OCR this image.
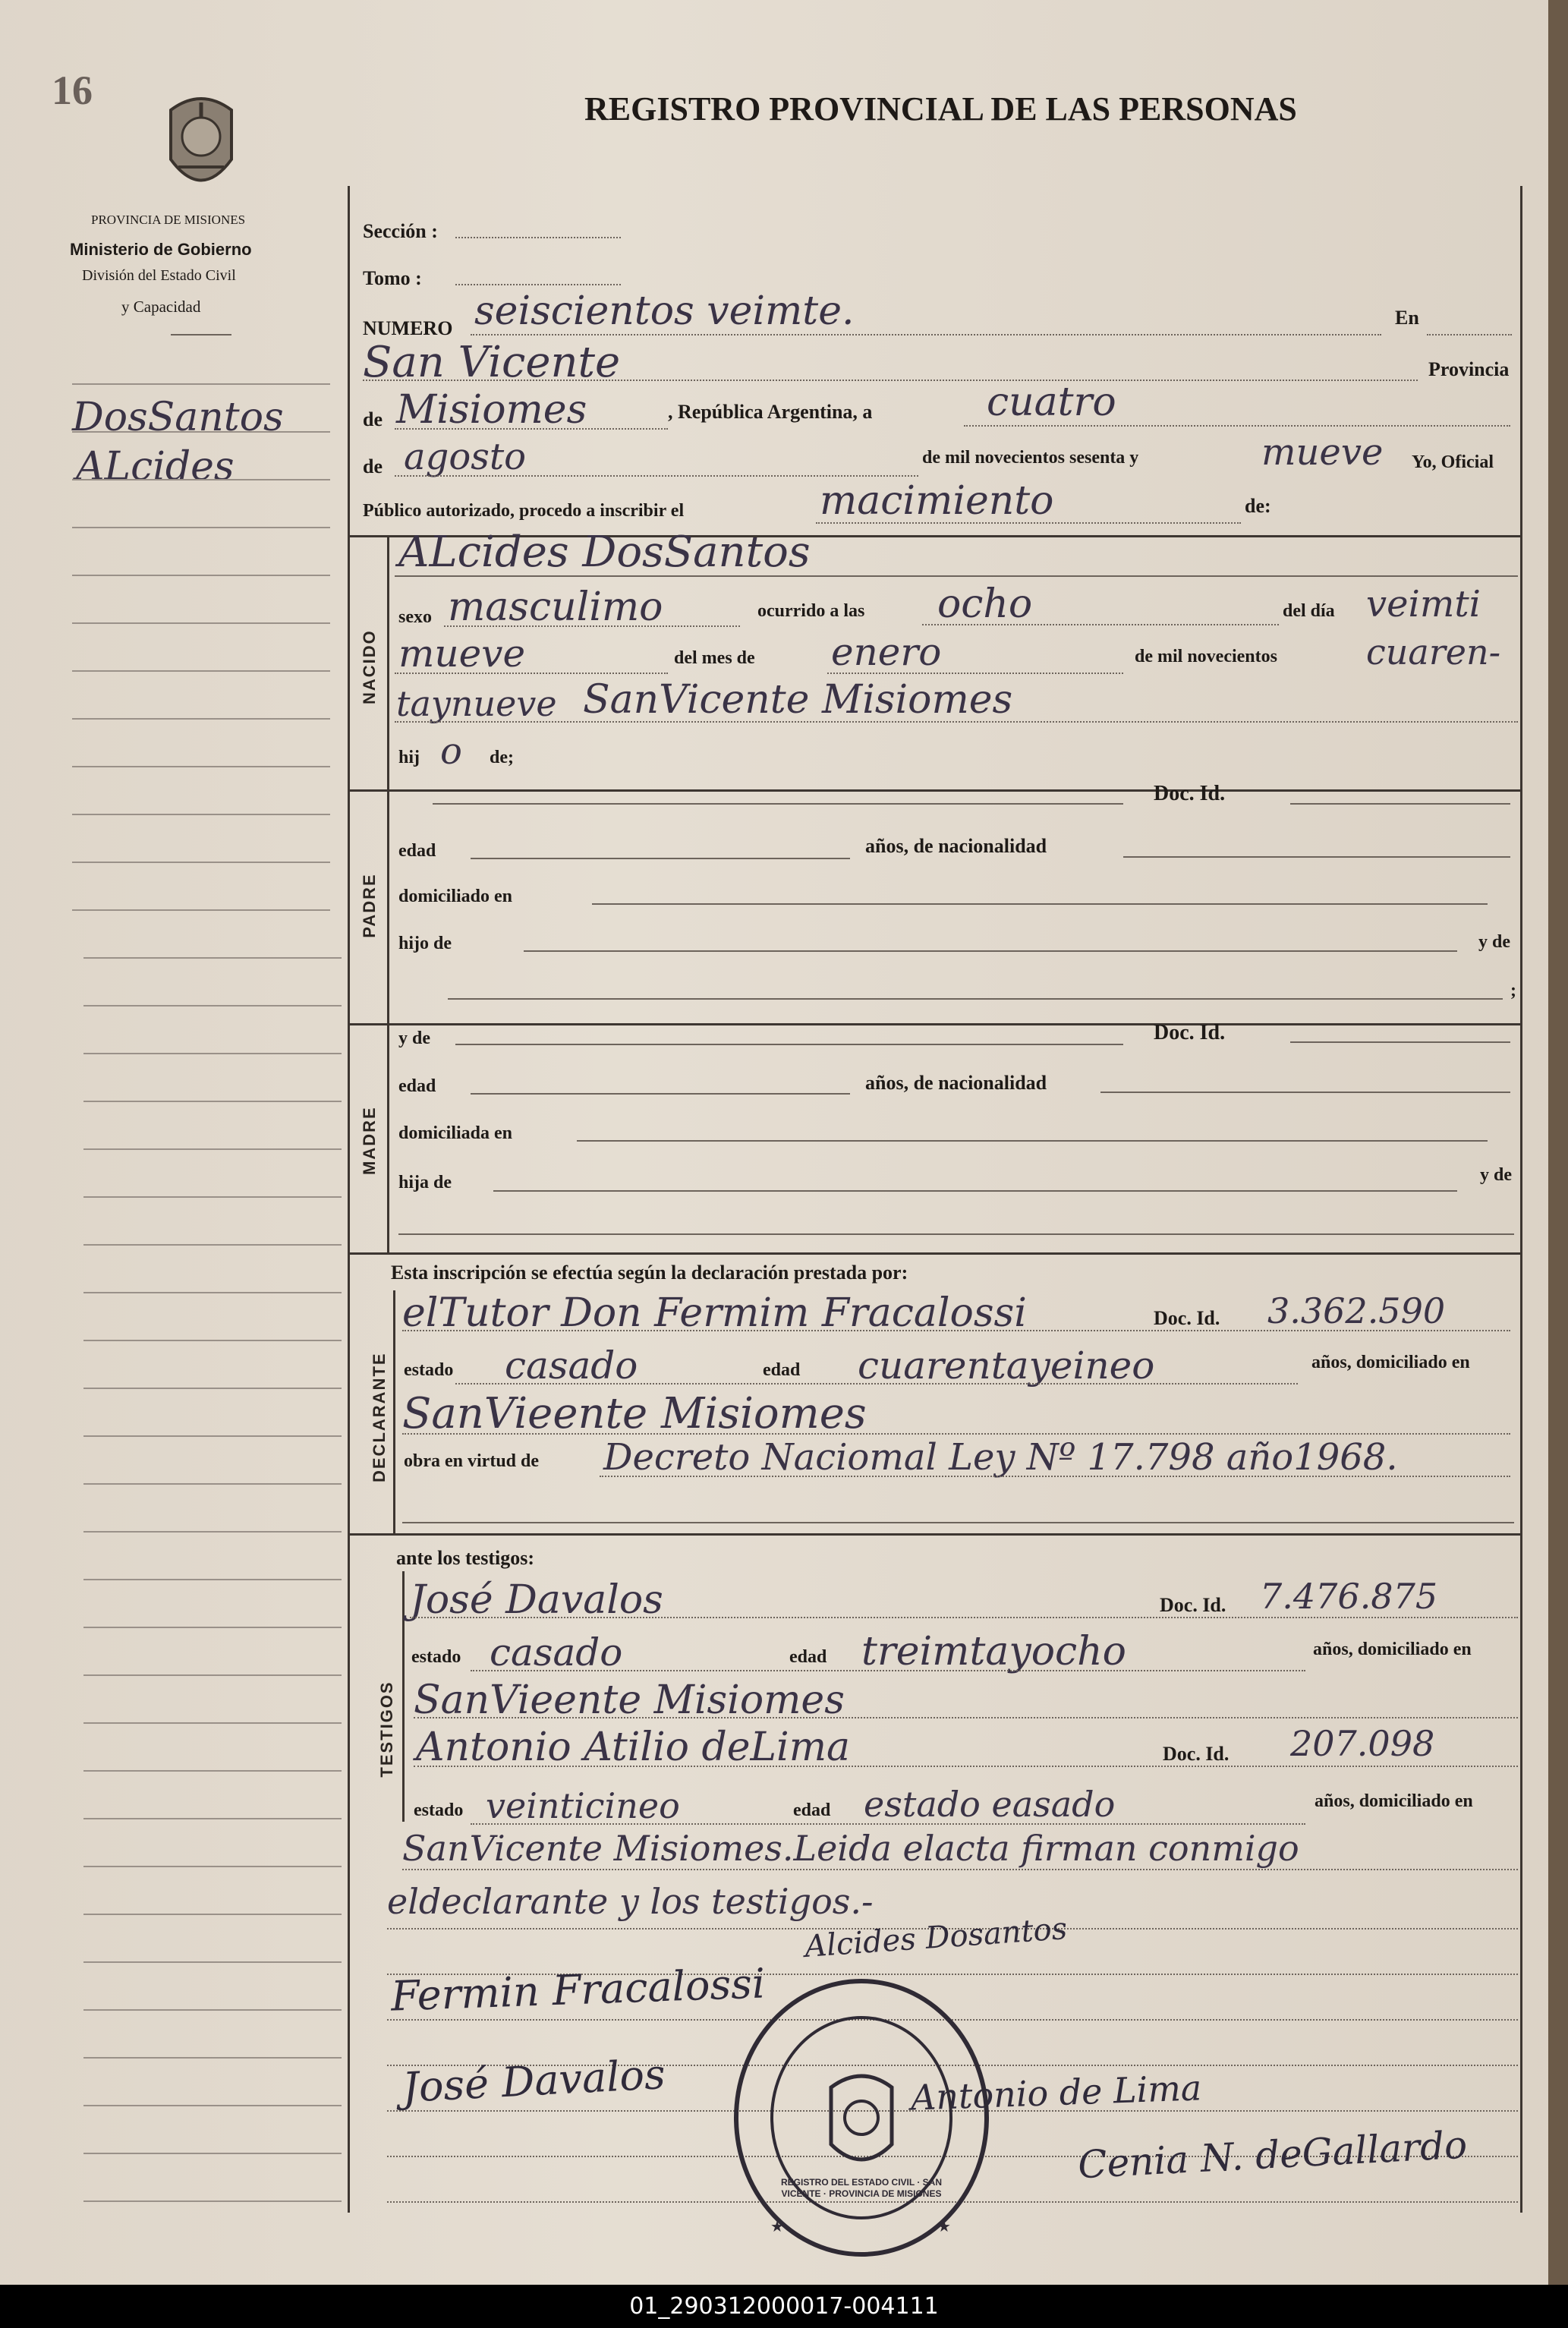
16	REGISTRO PROVINCIAL DE LAS PERSONAS
PROVINCIA DE MISIONES
Ministerio de Gobierno
División del Estado Civil
y Capacidad
DosSantos
ALcides
Sección :
Tomo :
NUMERO seiscientos veimte.	En
San Vicente	Provincia
de Misiomes	, República Argentina, a	cuatro
de agosto	de mil novecientos sesenta y	mueve Yo, Oficial
Público autorizado, procedo a inscribir el	macimiento	de:
NACIDO
ALcides DosSantos
sexo masculimo	ocurrido a las ocho	del día veimti
mueve	del mes de enero	de mil novecientos	cuaren-
taynueve SanVicente Misiomes
hij o de;
PADRE
Doc. Id.
edad	años, de nacionalidad
domiciliado en
hijo de	y de
;
MADRE
y de	Doc. Id.
edad	años, de nacionalidad
domiciliada en
hija de	y de
Esta inscripción se efectúa según la declaración prestada por:
DECLARANTE
elTutor Don Fermim Fracalossi	Doc. Id. 3.362.590
estado casado	edad cuarentayeineo	años, domiciliado en
SanVieente Misiomes
obra en virtud de Decreto Naciomal Ley Nº 17.798 año1968.
ante los testigos:
TESTIGOS
José Davalos	Doc. Id. 7.476.875
estado casado	edad treimtayocho	años, domiciliado en
SanVieente Misiomes
Antonio Atilio deLima	Doc. Id. 207.098
estado veinticineo	edad estado easado	años, domiciliado en
SanVicente Misiomes.Leida elacta firman conmigo
eldeclarante y los testigos.-
Alcides Dosantos
Fermin Fracalossi
José Davalos	Antonio de Lima
Cenia N. deGallardo
★	★
REGISTRO DEL ESTADO CIVIL · SAN VICENTE · PROVINCIA DE MISIONES
01_290312000017-004111
